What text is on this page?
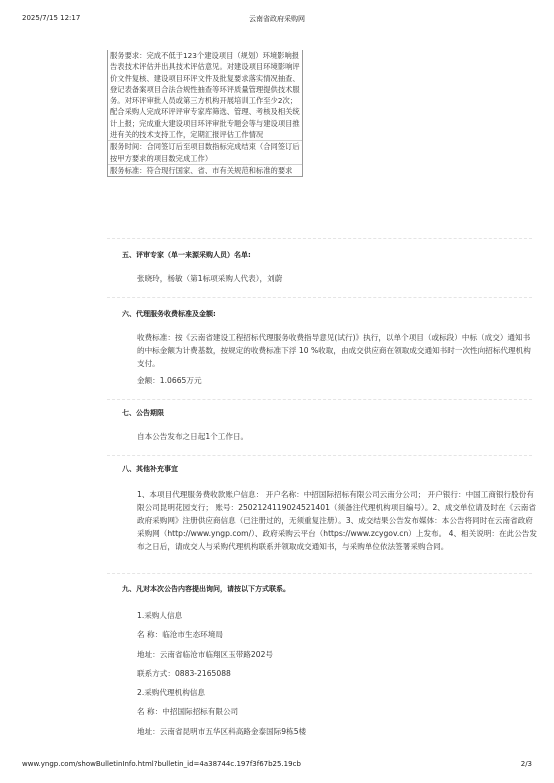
2025/7/15 12:17	云南省政府采购网
服务要求：完成不低于123个建设项目（规划）环境影响报告表技术评估并出具技术评估意见。对建设项目环境影响评价文件复核、建设项目环评文件及批复要求落实情况抽查、登记表备案项目合法合规性抽查等环评质量管理提供技术服务。对环评审批人员或第三方机构开展培训工作至少2次；配合采购人完成环评评审专家库筛选、管理、考核及相关统计上报；完成重大建设项目环评审批专题会等与建设项目推进有关的技术支持工作，定期汇报评估工作情况
服务时间：合同签订后至项目数指标完成结束（合同签订后按甲方要求的项目数完成工作）
服务标准：符合现行国家、省、市有关规范和标准的要求
五、评审专家（单一来源采购人员）名单:
张晓玲，杨敏（第1标项采购人代表），刘蔚
六、代理服务收费标准及金额:
收费标准：按《云南省建设工程招标代理服务收费指导意见(试行)》执行，以单个项目（或标段）中标（成交）通知书的中标金额为计费基数，按规定的收费标准下浮 10 %收取，由成交供应商在领取成交通知书时一次性向招标代理机构支付。
金额：1.0665万元
七、公告期限
自本公告发布之日起1个工作日。
八、其他补充事宜
1、本项目代理服务费收款账户信息： 开户名称：中招国际招标有限公司云南分公司； 开户银行：中国工商银行股份有限公司昆明花园支行； 账号：2502124119024521401（须备注代理机构项目编号）。2、成交单位请及时在《云南省政府采购网》注册供应商信息（已注册过的，无须重复注册）。3、成交结果公告发布媒体：本公告将同时在云南省政府采购网（http://www.yngp.com/）、政府采购云平台（https://www.zcygov.cn）上发布。 4、相关说明：在此公告发布之日后，请成交人与采购代理机构联系并领取成交通知书，与采购单位依法签署采购合同。
九、凡对本次公告内容提出询问，请按以下方式联系。
1.采购人信息
名 称：临沧市生态环境局
地址：云南省临沧市临翔区玉带路202号
联系方式：0883-2165088
2.采购代理机构信息
名 称：中招国际招标有限公司
地址：云南省昆明市五华区科高路金泰国际9栋5楼
www.yngp.com/showBulletinInfo.html?bulletin_id=4a38744c.197f3f67b25.19cb	2/3
